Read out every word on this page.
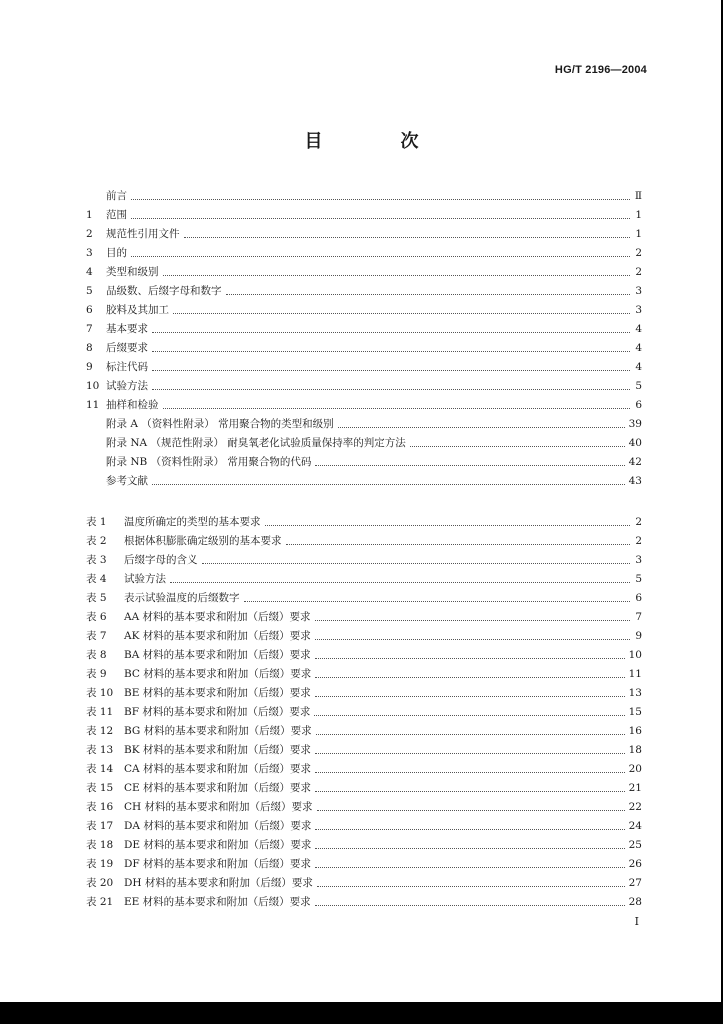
HG/T 2196—2004
目　次
前言	Ⅱ
1	范围	1
2	规范性引用文件	1
3	目的	2
4	类型和级别	2
5	品级数、后缀字母和数字	3
6	胶料及其加工	3
7	基本要求	4
8	后缀要求	4
9	标注代码	4
10 试验方法	5
11 抽样和检验	6
附录 A （资料性附录） 常用聚合物的类型和级别	39
附录 NA （规范性附录） 耐臭氧老化试验质量保持率的判定方法	40
附录 NB （资料性附录） 常用聚合物的代码	42
参考文献	43
表 1	温度所确定的类型的基本要求	2
表 2	根据体积膨胀确定级别的基本要求	2
表 3	后缀字母的含义	3
表 4	试验方法	5
表 5	表示试验温度的后缀数字	6
表 6	AA 材料的基本要求和附加（后缀）要求	7
表 7	AK 材料的基本要求和附加（后缀）要求	9
表 8	BA 材料的基本要求和附加（后缀）要求	10
表 9	BC 材料的基本要求和附加（后缀）要求	11
表 10	BE 材料的基本要求和附加（后缀）要求	13
表 11	BF 材料的基本要求和附加（后缀）要求	15
表 12	BG 材料的基本要求和附加（后缀）要求	16
表 13	BK 材料的基本要求和附加（后缀）要求	18
表 14	CA 材料的基本要求和附加（后缀）要求	20
表 15	CE 材料的基本要求和附加（后缀）要求	21
表 16	CH 材料的基本要求和附加（后缀）要求	22
表 17	DA 材料的基本要求和附加（后缀）要求	24
表 18	DE 材料的基本要求和附加（后缀）要求	25
表 19	DF 材料的基本要求和附加（后缀）要求	26
表 20	DH 材料的基本要求和附加（后缀）要求	27
表 21	EE 材料的基本要求和附加（后缀）要求	28
Ⅰ
